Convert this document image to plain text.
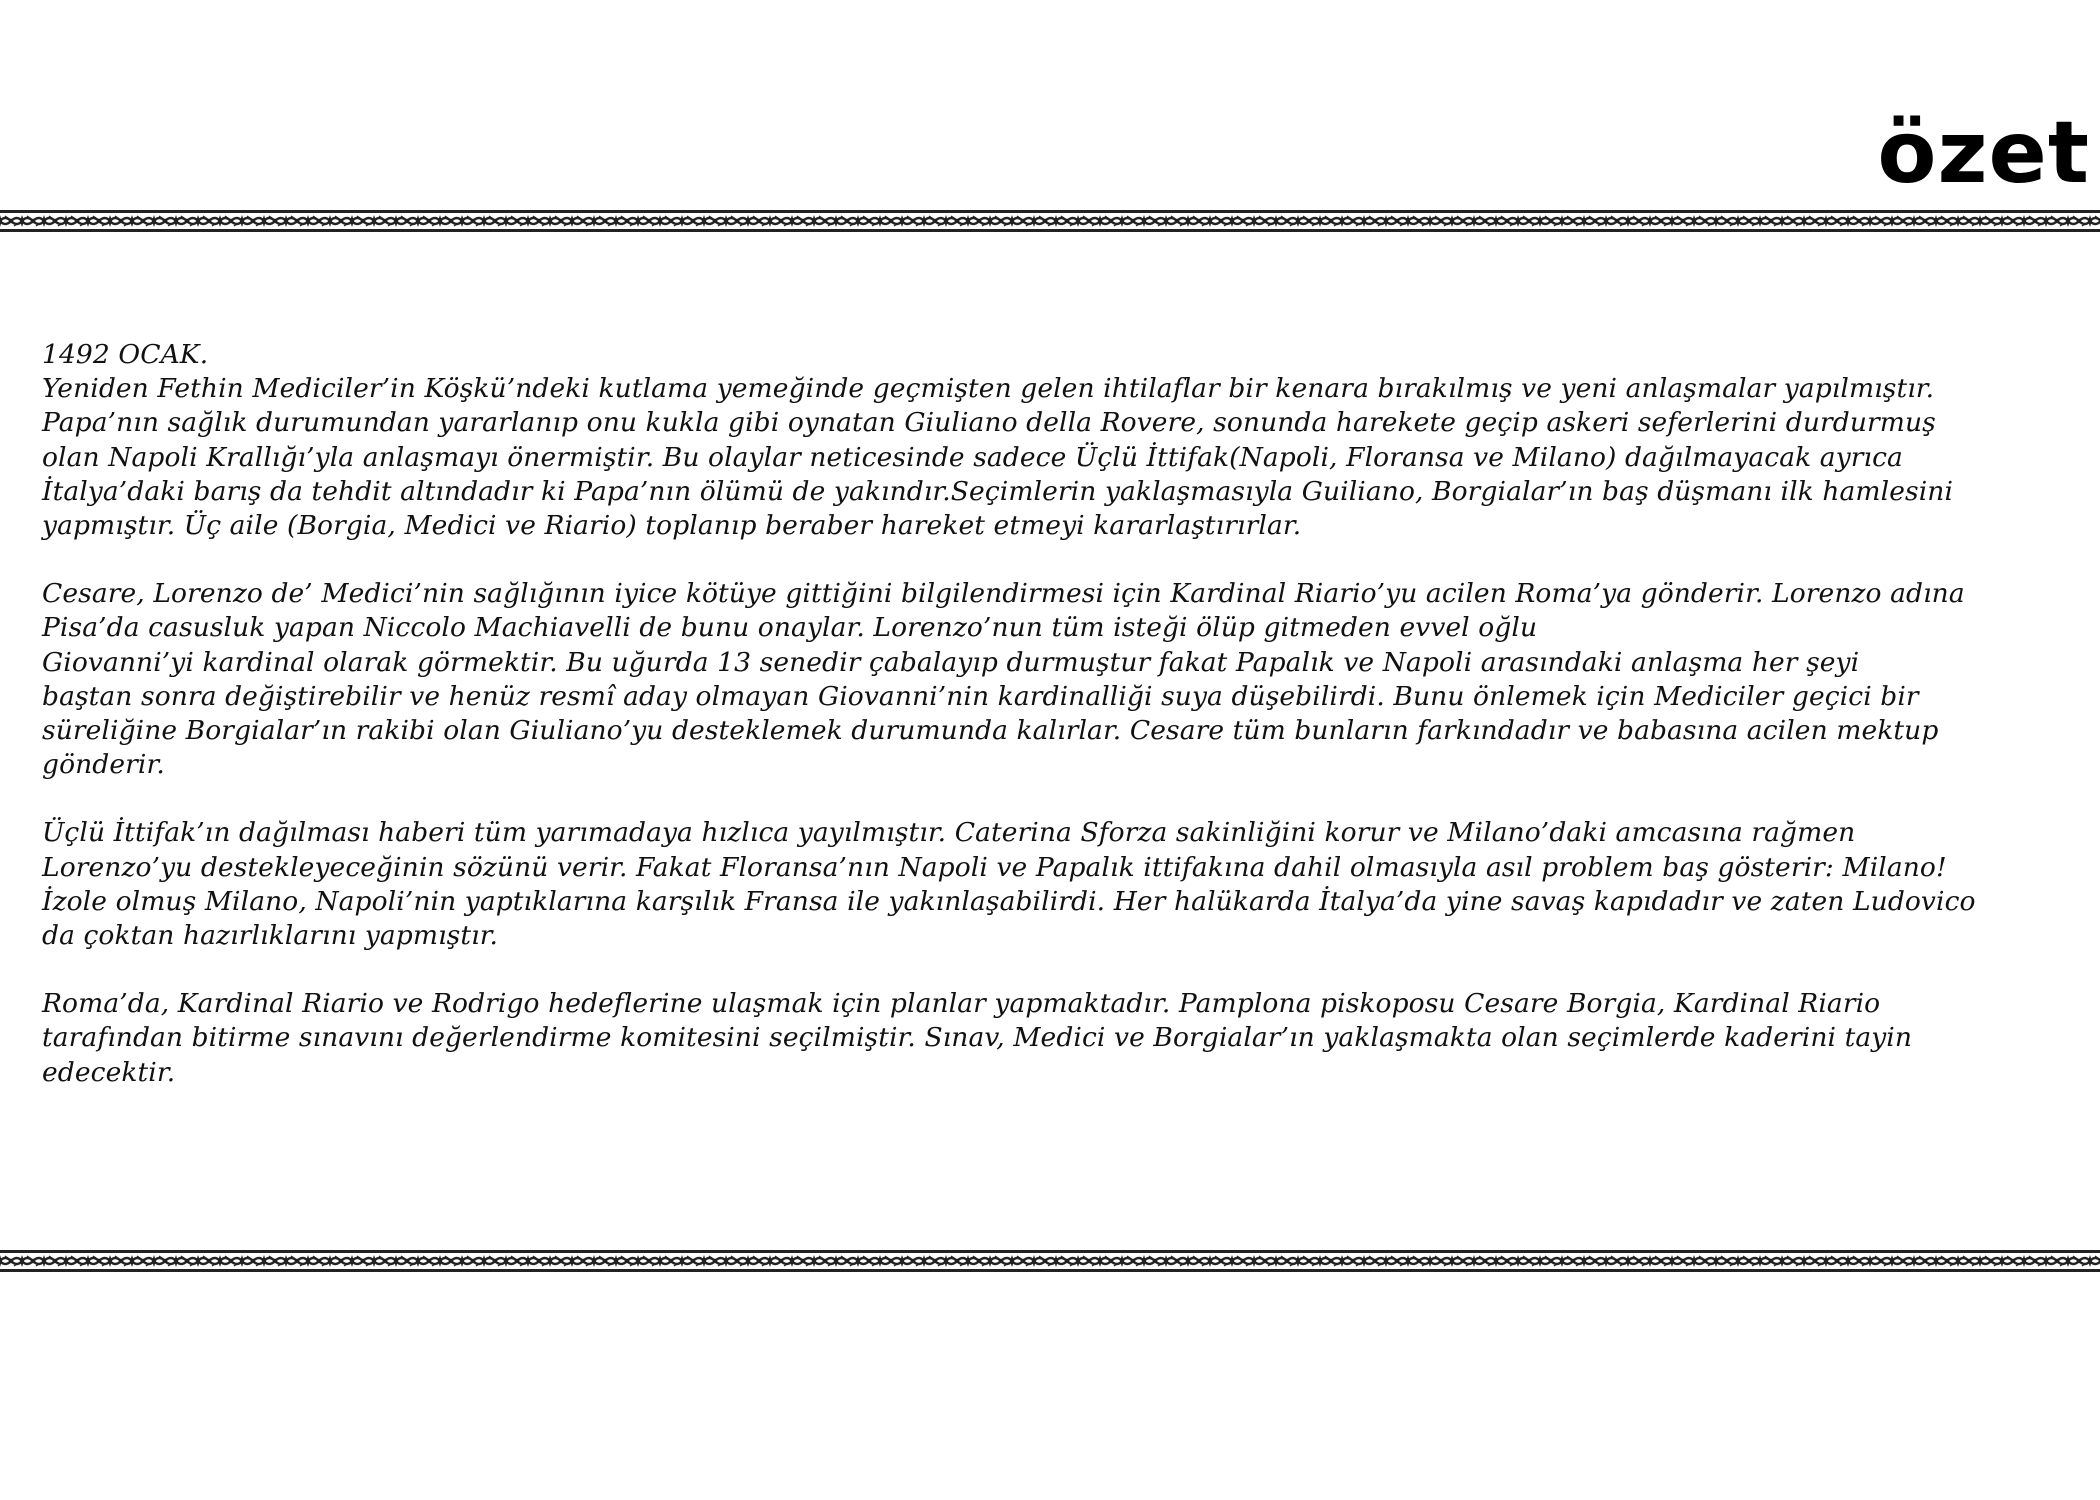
özet

1492 OCAK.
Yeniden Fethin Mediciler’in Köşkü’ndeki kutlama yemeğinde geçmişten gelen ihtilaflar bir kenara bırakılmış ve yeni anlaşmalar yapılmıştır.
Papa’nın sağlık durumundan yararlanıp onu kukla gibi oynatan Giuliano della Rovere, sonunda harekete geçip askeri seferlerini durdurmuş
olan Napoli Krallığı’yla anlaşmayı önermiştir. Bu olaylar neticesinde sadece Üçlü İttifak(Napoli, Floransa ve Milano) dağılmayacak ayrıca
İtalya’daki barış da tehdit altındadır ki Papa’nın ölümü de yakındır.Seçimlerin yaklaşmasıyla Guiliano, Borgialar’ın baş düşmanı ilk hamlesini
yapmıştır. Üç aile (Borgia, Medici ve Riario) toplanıp beraber hareket etmeyi kararlaştırırlar.

Cesare, Lorenzo de’ Medici’nin sağlığının iyice kötüye gittiğini bilgilendirmesi için Kardinal Riario’yu acilen Roma’ya gönderir. Lorenzo adına
Pisa’da casusluk yapan Niccolo Machiavelli de bunu onaylar. Lorenzo’nun tüm isteği ölüp gitmeden evvel oğlu
Giovanni’yi kardinal olarak görmektir. Bu uğurda 13 senedir çabalayıp durmuştur fakat Papalık ve Napoli arasındaki anlaşma her şeyi
baştan sonra değiştirebilir ve henüz resmî aday olmayan Giovanni’nin kardinalliği suya düşebilirdi. Bunu önlemek için Mediciler geçici bir
süreliğine Borgialar’ın rakibi olan Giuliano’yu desteklemek durumunda kalırlar. Cesare tüm bunların farkındadır ve babasına acilen mektup
gönderir.

Üçlü İttifak’ın dağılması haberi tüm yarımadaya hızlıca yayılmıştır. Caterina Sforza sakinliğini korur ve Milano’daki amcasına rağmen
Lorenzo’yu destekleyeceğinin sözünü verir. Fakat Floransa’nın Napoli ve Papalık ittifakına dahil olmasıyla asıl problem baş gösterir: Milano!
İzole olmuş Milano, Napoli’nin yaptıklarına karşılık Fransa ile yakınlaşabilirdi. Her halükarda İtalya’da yine savaş kapıdadır ve zaten Ludovico
da çoktan hazırlıklarını yapmıştır.

Roma’da, Kardinal Riario ve Rodrigo hedeflerine ulaşmak için planlar yapmaktadır. Pamplona piskoposu Cesare Borgia, Kardinal Riario
tarafından bitirme sınavını değerlendirme komitesini seçilmiştir. Sınav, Medici ve Borgialar’ın yaklaşmakta olan seçimlerde kaderini tayin
edecektir.
